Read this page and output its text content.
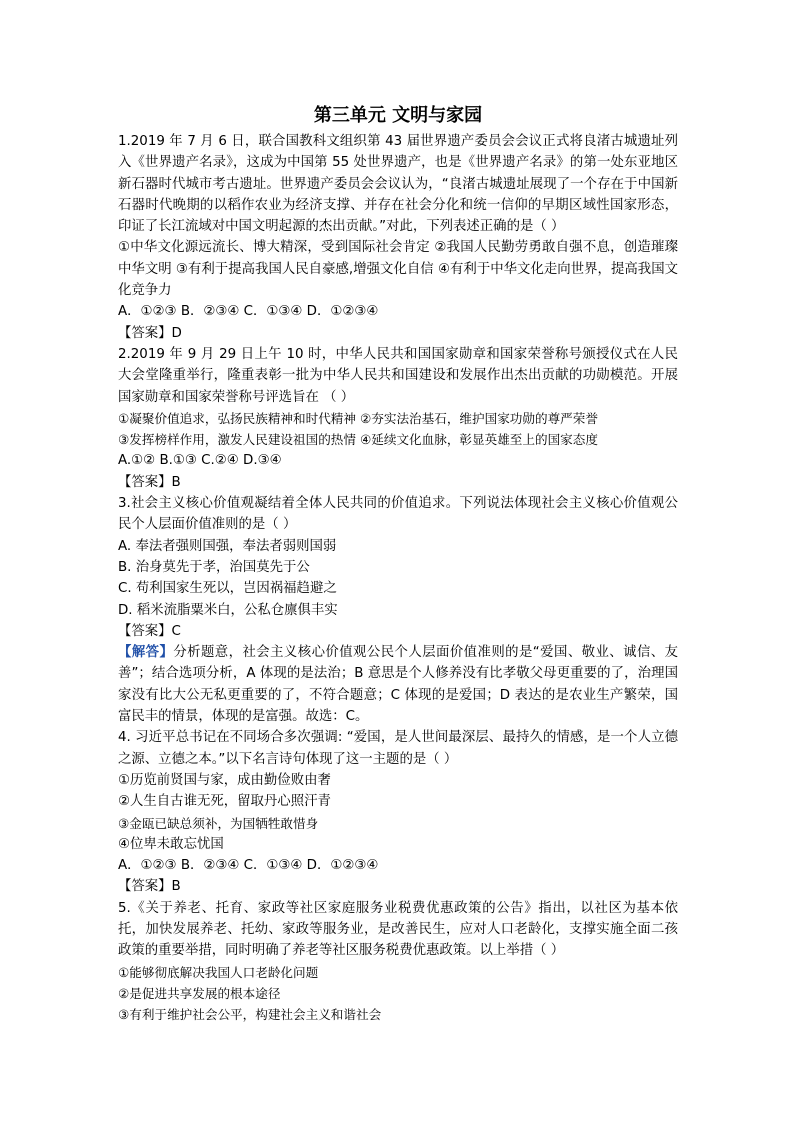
第三单元 文明与家园

1.2019 年 7 月 6 日，联合国教科文组织第 43 届世界遗产委员会会议正式将良渚古城遗址列入《世界遗产名录》，这成为中国第 55 处世界遗产，也是《世界遗产名录》的第一处东亚地区新石器时代城市考古遗址。世界遗产委员会会议认为，“良渚古城遗址展现了一个存在于中国新石器时代晚期的以稻作农业为经济支撑、并存在社会分化和统一信仰的早期区域性国家形态，印证了长江流域对中国文明起源的杰出贡献。”对此，下列表述正确的是（ ）

①中华文化源远流长、博大精深，受到国际社会肯定 ②我国人民勤劳勇敢自强不息，创造璀璨中华文明 ③有利于提高我国人民自豪感,增强文化自信 ④有利于中华文化走向世界，提高我国文化竞争力

A．①②③ B．②③④ C．①③④ D．①②③④

【答案】D

2.2019 年 9 月 29 日上午 10 时，中华人民共和国国家勋章和国家荣誉称号颁授仪式在人民大会堂隆重举行，隆重表彰一批为中华人民共和国建设和发展作出杰出贡献的功勋模范。开展国家勋章和国家荣誉称号评选旨在 （ ）

①凝聚价值追求，弘扬民族精神和时代精神 ②夯实法治基石，维护国家功勋的尊严荣誉

③发挥榜样作用，激发人民建设祖国的热情 ④延续文化血脉，彰显英雄至上的国家态度

A.①② B.①③ C.②④ D.③④

【答案】B

3.社会主义核心价值观凝结着全体人民共同的价值追求。下列说法体现社会主义核心价值观公民个人层面价值准则的是（ ）

A. 奉法者强则国强，奉法者弱则国弱

B. 治身莫先于孝，治国莫先于公

C. 苟利国家生死以，岂因祸福趋避之

D. 稻米流脂粟米白，公私仓廪俱丰实

【答案】C

【解答】分析题意，社会主义核心价值观公民个人层面价值准则的是“爱国、敬业、诚信、友善”；结合选项分析，A 体现的是法治；B 意思是个人修养没有比孝敬父母更重要的了，治理国家没有比大公无私更重要的了，不符合题意；C 体现的是爱国；D 表达的是农业生产繁荣，国富民丰的情景，体现的是富强。故选：C。

4. 习近平总书记在不同场合多次强调: “爱国，是人世间最深层、最持久的情感，是一个人立德之源、立德之本。”以下名言诗句体现了这一主题的是（ ）

①历览前贤国与家，成由勤俭败由奢

②人生自古谁无死，留取丹心照汗青

③金瓯已缺总须补，为国牺牲敢惜身

④位卑未敢忘忧国

A．①②③ B．②③④ C．①③④ D．①②③④

【答案】B

5.《关于养老、托育、家政等社区家庭服务业税费优惠政策的公告》指出，以社区为基本依托，加快发展养老、托幼、家政等服务业，是改善民生，应对人口老龄化，支撑实施全面二孩政策的重要举措，同时明确了养老等社区服务税费优惠政策。以上举措（ ）

①能够彻底解决我国人口老龄化问题

②是促进共享发展的根本途径

③有利于维护社会公平，构建社会主义和谐社会
